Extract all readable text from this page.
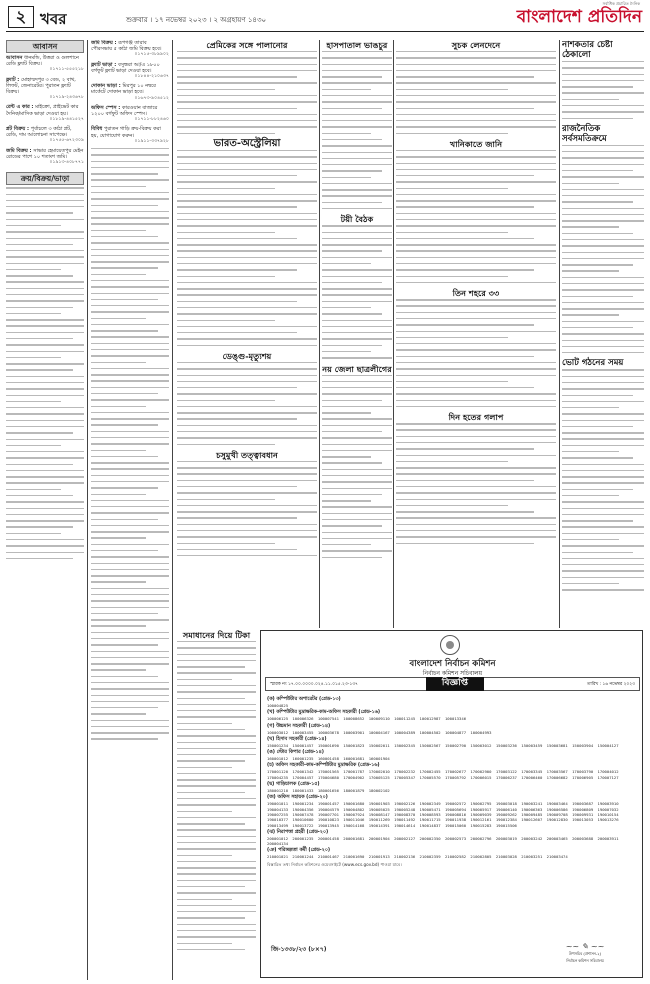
২ খবর	শুক্রবার । ১৭ নভেম্বর ২০২৩ । ২ অগ্রহায়ণ ১৪৩০
সর্বাধিক প্রচারিত দৈনিক
বাংলাদেশ প্রতিদিন
আবাসন
আবাসন ধানমন্ডি, উত্তরা ও গুলশানে রেডি ফ্ল্যাট বিক্রয়।
০১৭১১-৫৫৫২১৮
ফ্ল্যাট : মোহাম্মদপুর ৩ বেড, ২ বাথ, লিফট, জেনারেটর। পুরাতন ফ্ল্যাট বিক্রয়।
০১৭১৯-২৪৩৬৭৮
রেন্ট এ কার : মাইক্রো, প্রাইভেট কার দৈনিক/মাসিক ভাড়া দেওয়া হয়।
০১৮১৯-৪৪১৫২৭
প্লট বিক্রয় : পূর্বাচলে ৩ কাঠা প্লট, রেডি, দাম আলোচনা সাপেক্ষে।
০১৭৫৫-৬৭২৩০৯
জমি বিক্রয় : সাভার হেমায়েতপুর মেইন রোডের পাশে ১০ শতাংশ জমি।
০১৯১৩-৪০৮৭৭১
ক্রয়/বিক্রয়/ভাড়া
জমি বিক্রয় : রূপগঞ্জ তারাব পৌরসভায় ৫ কাঠা জমি বিক্রয় হবে।
০১৭১৫-৩৮৯৯০২
ফ্ল্যাট ভাড়া : বসুন্ধরা আ/এ ১৮০০ বর্গফুট ফ্ল্যাট ভাড়া দেওয়া হবে।
০১৮৪৪-২১০৬৩৭
দোকান ভাড়া : মিরপুর ১০ নম্বরে মার্কেটে দোকান ভাড়া হবে।
০১৬৭৩-৯০৪৫১২
অফিস স্পেস : কারওয়ান বাজারে ১২০০ বর্গফুট অফিস স্পেস।
০১৭১১-৮৮২৪৬০
বিবিধ পুরাতন গাড়ি ক্রয়-বিক্রয় করা হয়, যোগাযোগ করুন।
০১৯১১-৩৩৭৯২৮
প্রেমিকের সঙ্গে পালানোর
ভারত-অস্ট্রেলিয়া
ডেঙ্গু-মৃত্যুশয়
চসুমুখী তত্ত্বাবধান
সমাধানের দিয়ে টিকা
হাসপাতাল ভাঙচুর
টয়ী বৈঠক
নয় জেলা ছাত্রলীগের
সুচক লেনদেনে
খানিকাতে জানি
তিন শহরে ৩৩
দিন হতের গলাপ
নাশকতার চেষ্টা ঠেকালো
রাজনৈতিক সর্বসমতিক্রমে
ভোট গঠনের সময়
বাংলাদেশ নির্বাচন কমিশন
নির্বাচন কমিশন সচিবালয়
স্মারক নং ১৭.০০.০০০০.০২৪.১১.০১৫.২৩-১৩৭	বিজ্ঞপ্তি	তারিখ : ১৬ নভেম্বর ২০২৩
(ক) কম্পিউটার অপারেটর (গ্রেড-১৩)
100004825
(খ) কম্পিউটার মুদ্রাক্ষরিক-কাম-অফিস সহকারী (গ্রেড-১৬)
100006125 100006326 100007541 100008652 100009110 100011245 100012987 100013346
(গ) উচ্চমান সহকারী (গ্রেড-১৪)
100003012 100003455 100003678 100003901 100004167 100004389 100004502 100004877 100004993
(ঘ) হিসাব সহকারী (গ্রেড-১৪)
150001234 150001457 150001690 150001823 150002011 150002345 150002567 150002790 150003012 150003236 150003459 150003681 150003904 150004127
(ঙ) স্টোর কিপার (গ্রেড-১৪)
160001012 160001235 160001458 160001681 160001904
(চ) অফিস সহকারী-কাম-কম্পিউটার মুদ্রাক্ষরিক (গ্রেড-১৬)
170001120 170001342 170001565 170001787 170002010 170002232 170002455 170002677 170002900 170003122 170003345 170003567 170003790 170004012 170004235 170004457 170004680 170004902 170005125 170005347 170005570 170005792 170006015 170006237 170006460 170006682 170006905 170007127
(ছ) গাড়িচালক (গ্রেড-১৫)
180001210 180001433 180001656 180001879 180002102
(জ) অফিস সহায়ক (গ্রেড-২০)
190001011 190001234 190001457 190001680 190001903 190002126 190002349 190002572 190002795 190003018 190003241 190003464 190003687 190003910 190004133 190004356 190004579 190004802 190005025 190005248 190005471 190005694 190005917 190006140 190006363 190006586 190006809 190007032 190007255 190007478 190007701 190007924 190008147 190008370 190008593 190008816 190009039 190009262 190009485 190009708 190009931 190010154 190010377 190010600 190010823 190011046 190011269 190011492 190011715 190011938 190012161 190012384 190012607 190012830 190013053 190013276 190013499 190013722 190013945 190014168 190014391 190014614 190014837 190015060 190015283 190015506
(ঝ) নিরাপত্তা প্রহরী (গ্রেড-২০)
200001012 200001235 200001458 200001681 200001904 200002127 200002350 200002573 200002796 200003019 200003242 200003465 200003688 200003911 200004134
(ঞ) পরিচ্ছন্নতা কর্মী (গ্রেড-২০)
210001021 210001244 210001467 210001690 210001913 210002136 210002359 210002582 210002805 210003028 210003251 210003474
বিস্তারিত তথ্য নির্বাচন কমিশনের ওয়েবসাইটে (www.ecs.gov.bd) পাওয়া যাবে।
জি-১৩৩৮/২৩ (৮×৭)	~~ ✎ ~~
উপসচিব (প্রশাসন-২)
নির্বাচন কমিশন সচিবালয়
